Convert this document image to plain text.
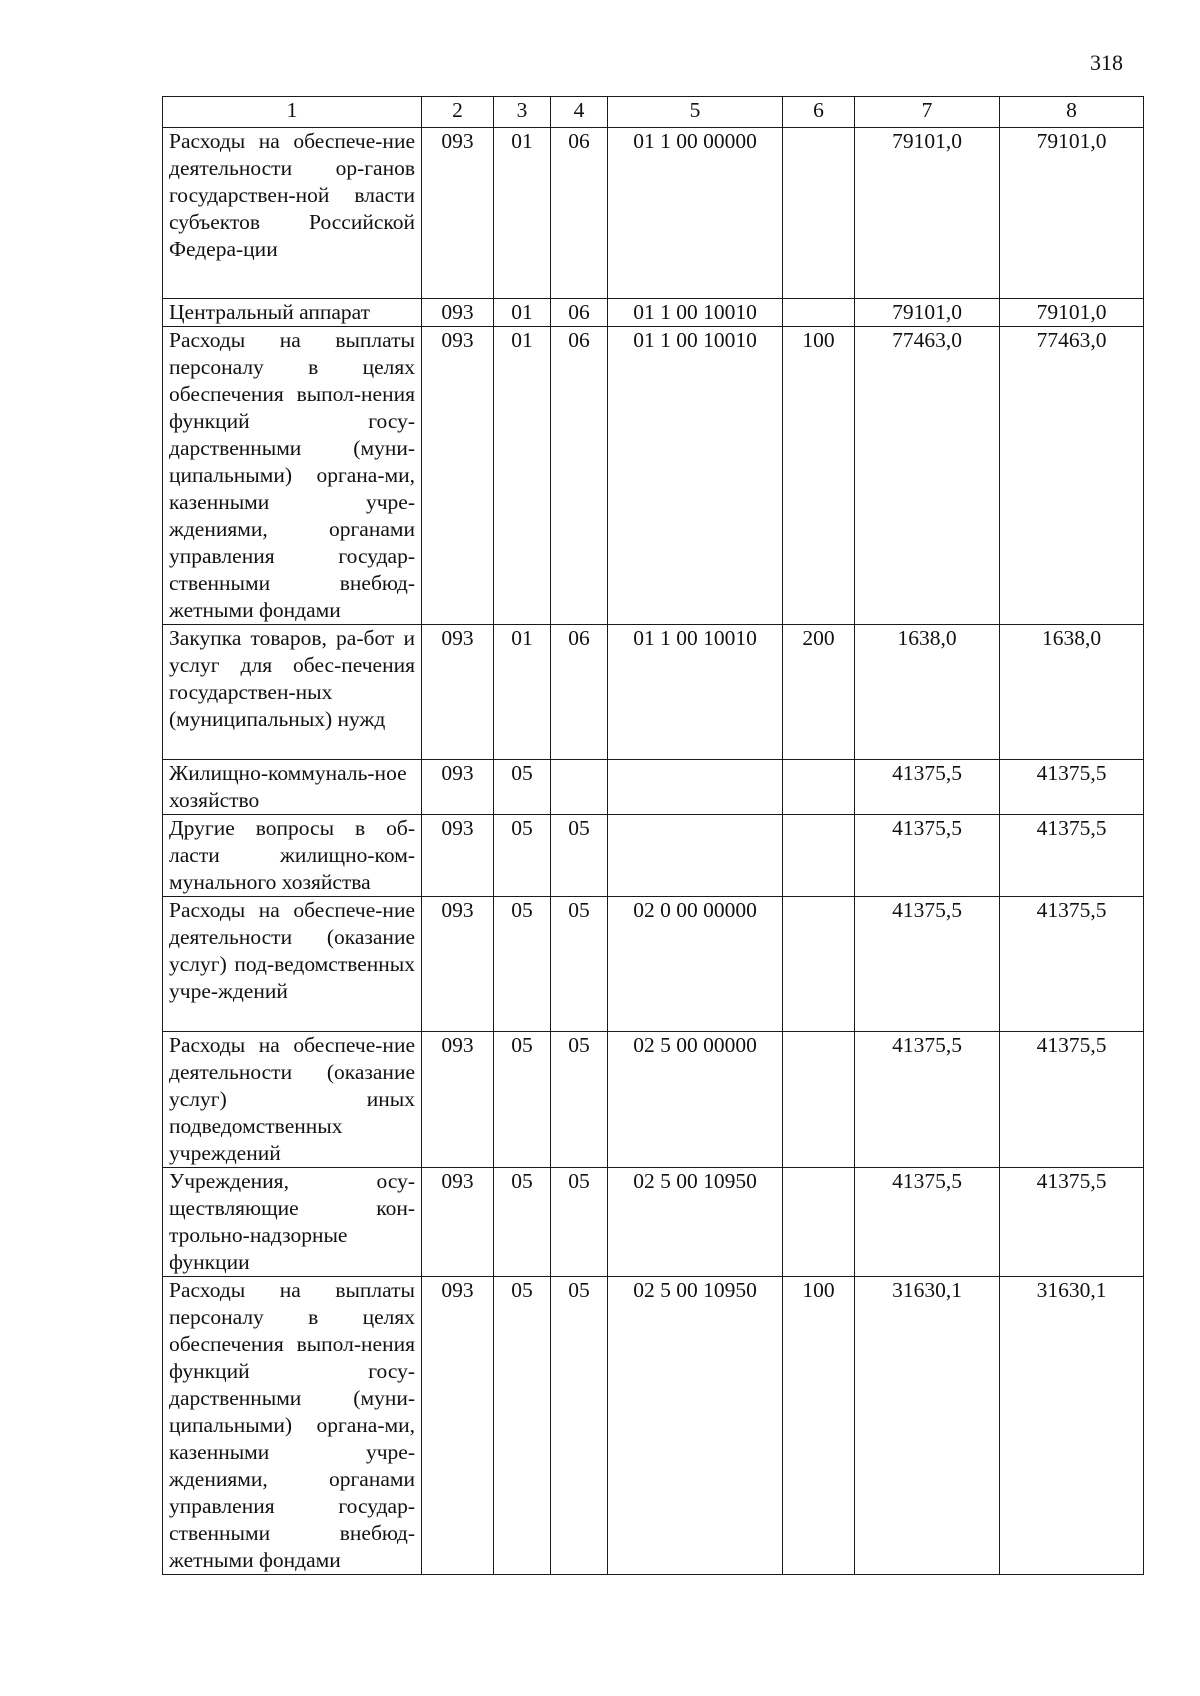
318
1	2	3	4	5	6	7	8
Расходы на обеспече-ние деятельности ор-ганов государствен-ной власти субъектов Российской Федера-ции	093	01	06	01 1 00 00000		79101,0	79101,0
Центральный аппарат	093	01	06	01 1 00 10010		79101,0	79101,0
Расходы на выплаты персоналу в целях обеспечения выпол-нения функций госу-дарственными (муни-ципальными) органа-ми, казенными учре-ждениями, органами управления государ-ственными внебюд-жетными фондами	093	01	06	01 1 00 10010	100	77463,0	77463,0
Закупка товаров, ра-бот и услуг для обес-печения государствен-ных (муниципальных) нужд	093	01	06	01 1 00 10010	200	1638,0	1638,0
Жилищно-коммуналь-ное хозяйство	093	05				41375,5	41375,5
Другие вопросы в об-ласти жилищно-ком-мунального хозяйства	093	05	05			41375,5	41375,5
Расходы на обеспече-ние деятельности (оказание услуг) под-ведомственных учре-ждений	093	05	05	02 0 00 00000		41375,5	41375,5
Расходы на обеспече-ние деятельности (оказание услуг) иных подведомственных учреждений	093	05	05	02 5 00 00000		41375,5	41375,5
Учреждения, осу-ществляющие кон-трольно-надзорные функции	093	05	05	02 5 00 10950		41375,5	41375,5
Расходы на выплаты персоналу в целях обеспечения выпол-нения функций госу-дарственными (муни-ципальными) органа-ми, казенными учре-ждениями, органами управления государ-ственными внебюд-жетными фондами	093	05	05	02 5 00 10950	100	31630,1	31630,1
